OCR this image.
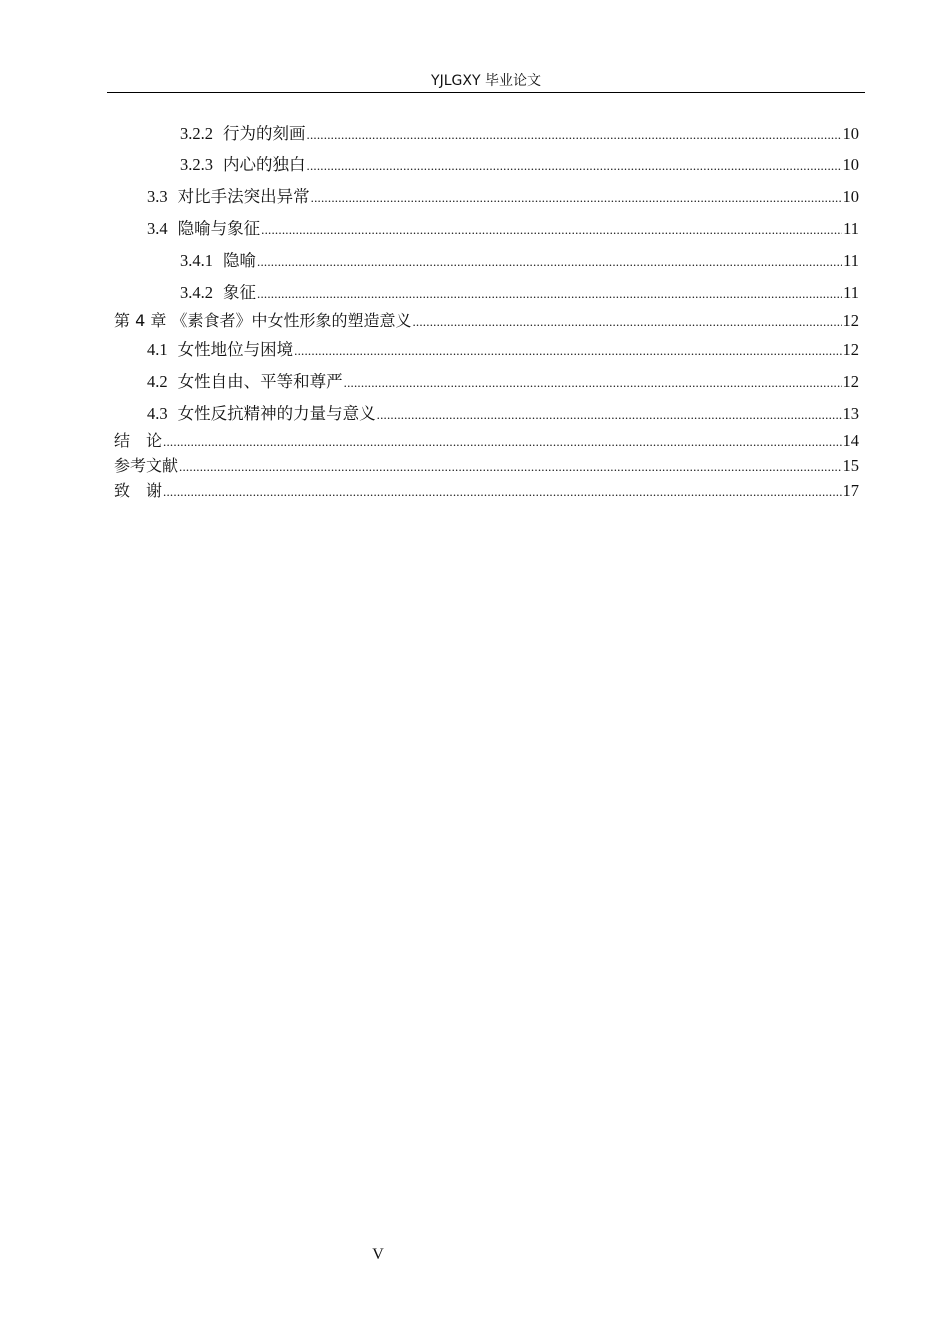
YJLGXY 毕业论文
3.2.2 行为的刻画 .....	10
3.2.3 内心的独白 .....	10
3.3 对比手法突出异常 .....	10
3.4 隐喻与象征 .....	11
3.4.1 隐喻 .....	11
3.4.2 象征 .....	11
第 4 章 《素食者》中女性形象的塑造意义 .....	12
4.1 女性地位与困境 .....	12
4.2 女性自由、平等和尊严 .....	12
4.3 女性反抗精神的力量与意义 .....	13
结　论 .....	14
参考文献 .....	15
致　谢 .....	17
V
